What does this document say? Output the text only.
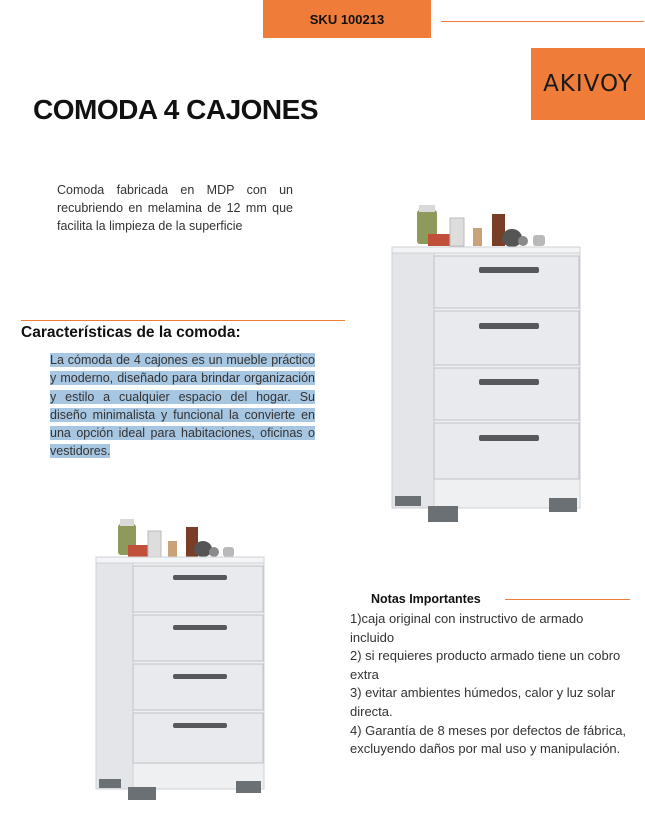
SKU 100213
AKIVOY
COMODA 4 CAJONES

Comoda fabricada en MDP con un recubriendo en melamina de 12 mm que facilita la limpieza de la superficie

Características de la comoda:

La cómoda de 4 cajones es un mueble práctico y moderno, diseñado para brindar organización y estilo a cualquier espacio del hogar. Su diseño minimalista y funcional la convierte en una opción ideal para habitaciones, oficinas o vestidores.

Notas Importantes
1)caja original con instructivo de armado incluido
2) si requieres producto armado tiene un cobro extra
3) evitar ambientes húmedos, calor y luz solar directa.
4) Garantía de 8 meses por defectos de fábrica, excluyendo daños por mal uso y manipulación.
